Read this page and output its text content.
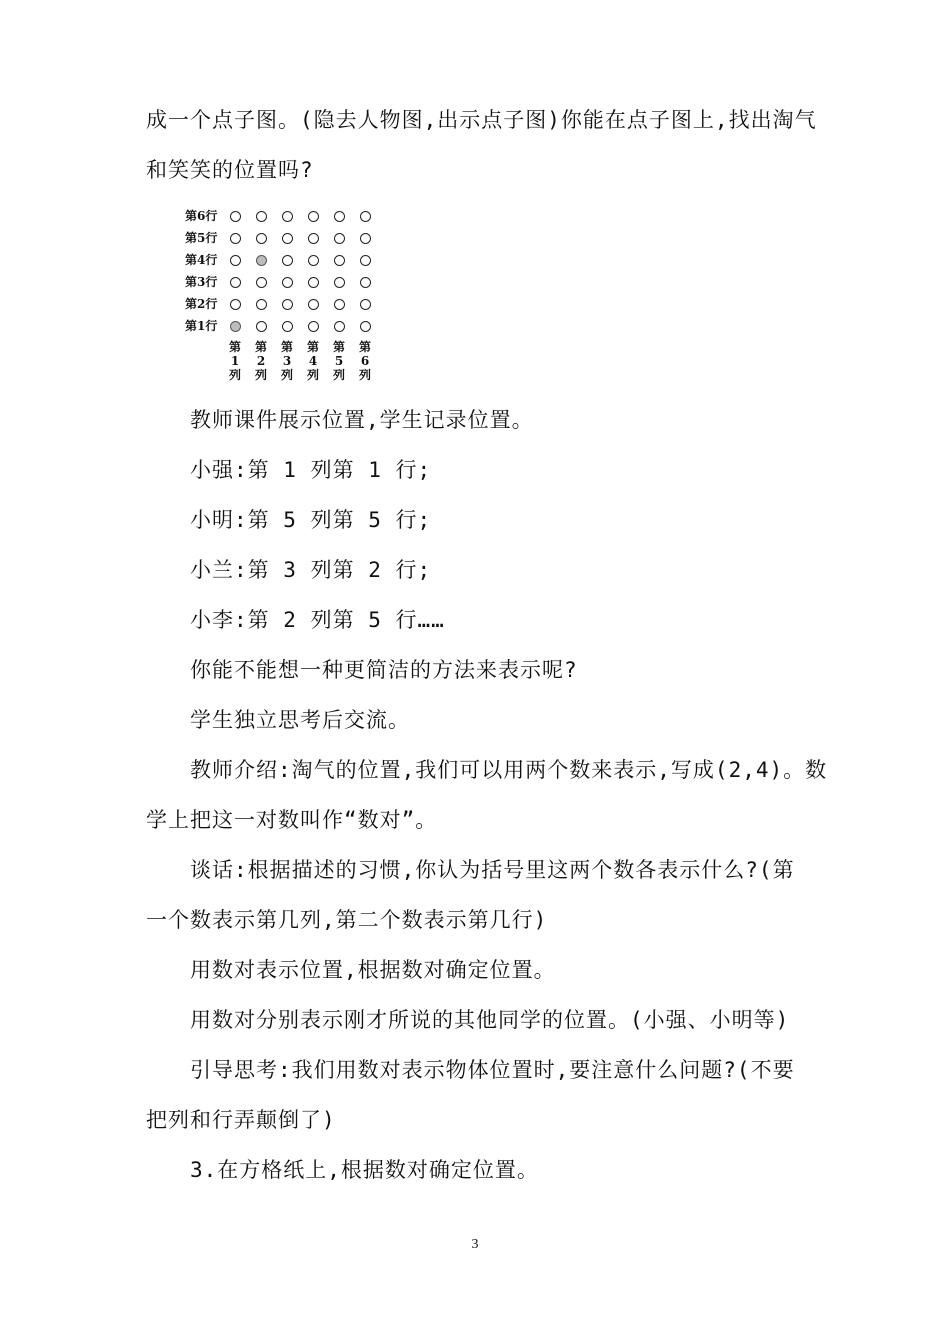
成一个点子图。(隐去人物图,出示点子图)你能在点子图上,找出淘气
和笑笑的位置吗?
第6行
第5行
第4行
第3行
第2行
第1行
第
1
列
第
2
列
第
3
列
第
4
列
第
5
列
第
6
列
教师课件展示位置,学生记录位置。
小强:第 1 列第 1 行;
小明:第 5 列第 5 行;
小兰:第 3 列第 2 行;
小李:第 2 列第 5 行……
你能不能想一种更简洁的方法来表示呢?
学生独立思考后交流。
教师介绍:淘气的位置,我们可以用两个数来表示,写成(2,4)。数
学上把这一对数叫作“数对”。
谈话:根据描述的习惯,你认为括号里这两个数各表示什么?(第
一个数表示第几列,第二个数表示第几行)
用数对表示位置,根据数对确定位置。
用数对分别表示刚才所说的其他同学的位置。(小强、小明等)
引导思考:我们用数对表示物体位置时,要注意什么问题?(不要
把列和行弄颠倒了)
3.在方格纸上,根据数对确定位置。
3
